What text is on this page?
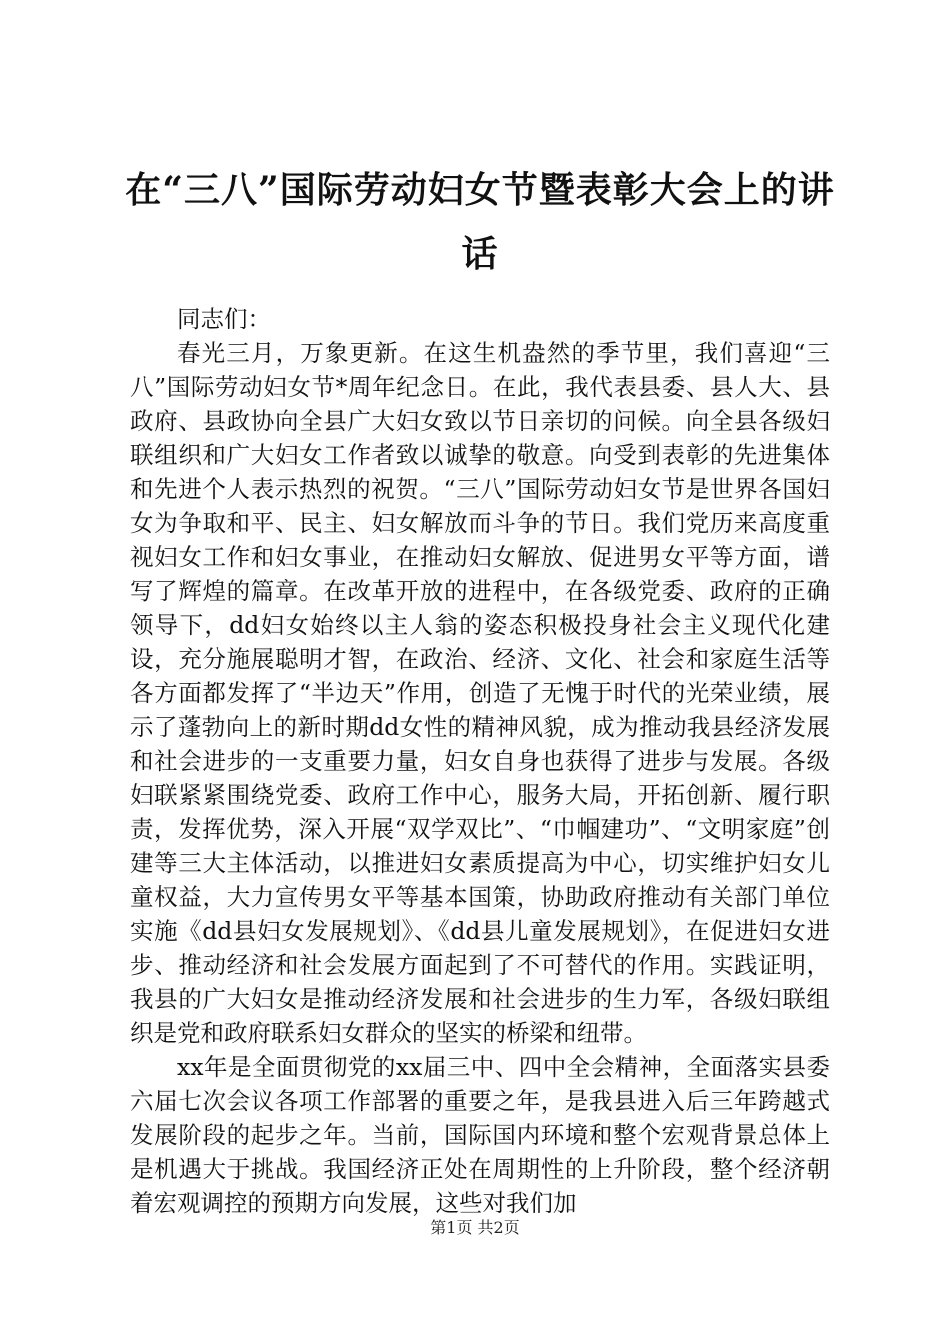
在“三八”国际劳动妇女节暨表彰大会上的讲话

同志们：

春光三月，万象更新。在这生机盎然的季节里，我们喜迎“三八”国际劳动妇女节*周年纪念日。在此，我代表县委、县人大、县政府、县政协向全县广大妇女致以节日亲切的问候。向全县各级妇联组织和广大妇女工作者致以诚挚的敬意。向受到表彰的先进集体和先进个人表示热烈的祝贺。“三八”国际劳动妇女节是世界各国妇女为争取和平、民主、妇女解放而斗争的节日。我们党历来高度重视妇女工作和妇女事业，在推动妇女解放、促进男女平等方面，谱写了辉煌的篇章。在改革开放的进程中，在各级党委、政府的正确领导下，dd妇女始终以主人翁的姿态积极投身社会主义现代化建设，充分施展聪明才智，在政治、经济、文化、社会和家庭生活等各方面都发挥了“半边天”作用，创造了无愧于时代的光荣业绩，展示了蓬勃向上的新时期dd女性的精神风貌，成为推动我县经济发展和社会进步的一支重要力量，妇女自身也获得了进步与发展。各级妇联紧紧围绕党委、政府工作中心，服务大局，开拓创新、履行职责，发挥优势，深入开展“双学双比”、“巾帼建功”、“文明家庭”创建等三大主体活动，以推进妇女素质提高为中心，切实维护妇女儿童权益，大力宣传男女平等基本国策，协助政府推动有关部门单位实施《dd县妇女发展规划》、《dd县儿童发展规划》，在促进妇女进步、推动经济和社会发展方面起到了不可替代的作用。实践证明，我县的广大妇女是推动经济发展和社会进步的生力军，各级妇联组织是党和政府联系妇女群众的坚实的桥梁和纽带。

xx年是全面贯彻党的xx届三中、四中全会精神，全面落实县委六届七次会议各项工作部署的重要之年，是我县进入后三年跨越式发展阶段的起步之年。当前，国际国内环境和整个宏观背景总体上是机遇大于挑战。我国经济正处在周期性的上升阶段，整个经济朝着宏观调控的预期方向发展，这些对我们加

第1页 共2页
